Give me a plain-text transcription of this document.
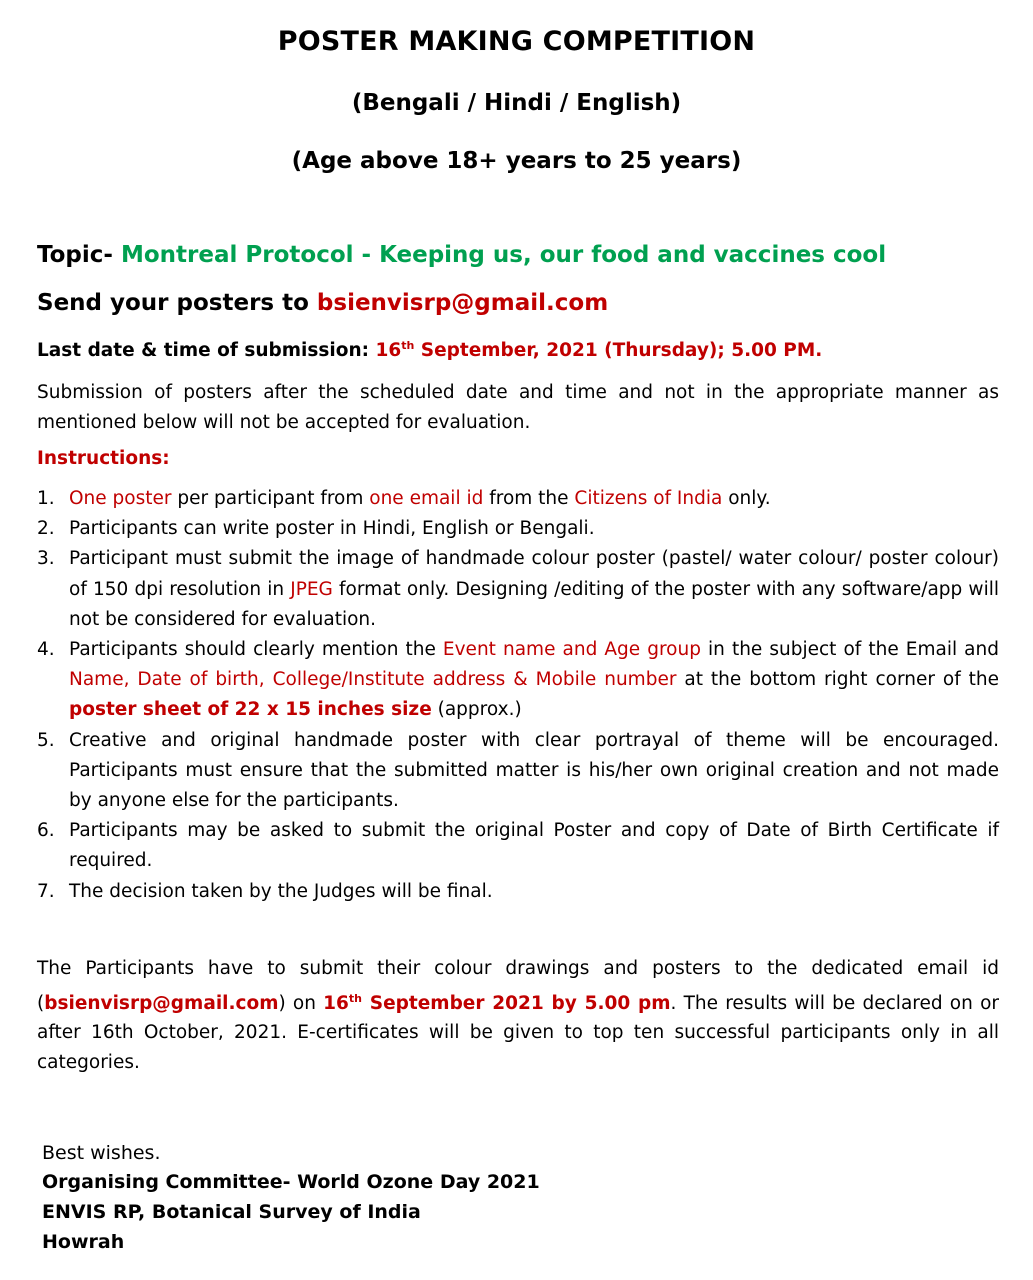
POSTER MAKING COMPETITION
(Bengali / Hindi / English)
(Age above 18+ years to 25 years)
Topic- Montreal Protocol - Keeping us, our food and vaccines cool
Send your posters to bsienvisrp@gmail.com
Last date & time of submission: 16th September, 2021 (Thursday); 5.00 PM.
Submission of posters after the scheduled date and time and not in the appropriate manner as mentioned below will not be accepted for evaluation.
Instructions:
1. One poster per participant from one email id from the Citizens of India only.
2. Participants can write poster in Hindi, English or Bengali.
3. Participant must submit the image of handmade colour poster (pastel/ water colour/ poster colour) of 150 dpi resolution in JPEG format only. Designing /editing of the poster with any software/app will not be considered for evaluation.
4. Participants should clearly mention the Event name and Age group in the subject of the Email and Name, Date of birth, College/Institute address & Mobile number at the bottom right corner of the poster sheet of 22 x 15 inches size (approx.)
5. Creative and original handmade poster with clear portrayal of theme will be encouraged. Participants must ensure that the submitted matter is his/her own original creation and not made by anyone else for the participants.
6. Participants may be asked to submit the original Poster and copy of Date of Birth Certificate if required.
7. The decision taken by the Judges will be final.
The Participants have to submit their colour drawings and posters to the dedicated email id (bsienvisrp@gmail.com) on 16th September 2021 by 5.00 pm. The results will be declared on or after 16th October, 2021. E-certificates will be given to top ten successful participants only in all categories.
Best wishes.
Organising Committee- World Ozone Day 2021
ENVIS RP, Botanical Survey of India
Howrah
